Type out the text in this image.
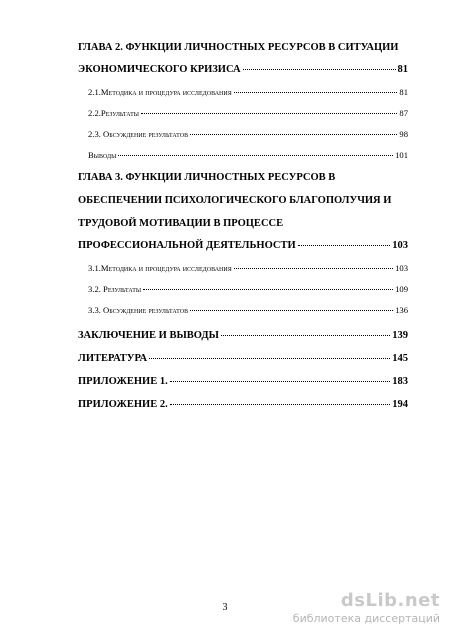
ГЛАВА 2. ФУНКЦИИ ЛИЧНОСТНЫХ РЕСУРСОВ В СИТУАЦИИ
ЭКОНОМИЧЕСКОГО КРИЗИСА	81
2.1.Методика и процедура исследования	81
2.2.Результаты	87
2.3. Обсуждение результатов	98
Выводы	101
ГЛАВА 3. ФУНКЦИИ ЛИЧНОСТНЫХ РЕСУРСОВ В
ОБЕСПЕЧЕНИИ ПСИХОЛОГИЧЕСКОГО БЛАГОПОЛУЧИЯ И
ТРУДОВОЙ МОТИВАЦИИ В ПРОЦЕССЕ
ПРОФЕССИОНАЛЬНОЙ ДЕЯТЕЛЬНОСТИ	103
3.1.Методика и процедура исследования	103
3.2. Результаты	109
3.3. Обсуждение результатов	136
ЗАКЛЮЧЕНИЕ И ВЫВОДЫ	139
ЛИТЕРАТУРА	145
ПРИЛОЖЕНИЕ 1.	183
ПРИЛОЖЕНИЕ 2.	194
3	dsLib.net
библиотека диссертаций
